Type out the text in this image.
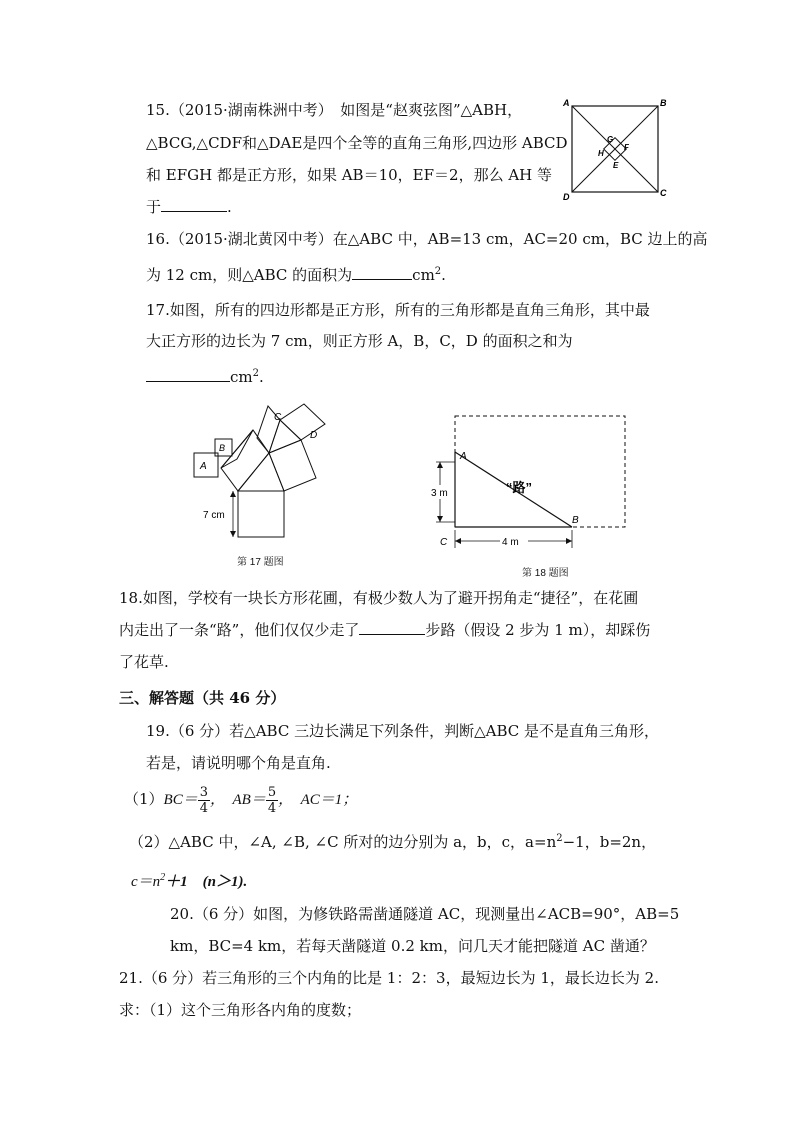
15.（2015·湖南株洲中考）　如图是“赵爽弦图”△ABH，
△BCG,△CDF和△DAE是四个全等的直角三角形,四边形 ABCD
和 EFGH 都是正方形，如果 AB＝10，EF＝2，那么 AH 等
于	.
A	B
C
D
G
F
H
E
16.（2015·湖北黄冈中考）在△ABC 中，AB=13 cm，AC=20 cm，BC 边上的高
为 12 cm，则△ABC 的面积为	$cm^2$.
17.如图，所有的四边形都是正方形，所有的三角形都是直角三角形，其中最
大正方形的边长为 7 cm，则正方形 A，B，C，D 的面积之和为
$cm^2$.
7 cm
A
B
C
D
第 17 题图
3 m
4 m
A
B
C
“路”
第 18 题图
18.如图，学校有一块长方形花圃，有极少数人为了避开拐角走“捷径”，在花圃
内走出了一条“路”，他们仅仅少走了	步路（假设 2 步为 1 m），却踩伤
了花草.
三、解答题（共 46 分）
19.（6 分）若△ABC 三边长满足下列条件，判断△ABC 是不是直角三角形，
若是，请说明哪个角是直角.
$(1)BC= \frac{3}{4}$ ，　$AB= \frac{5}{4}$ ，　AC＝1；
（2）△ABC 中，∠A, ∠B, ∠C 所对的边分别为 a，b，c，$a=n^2-1$，b=2n，
$c=n^2+1$　(n＞1).
20.（6 分）如图，为修铁路需凿通隧道 AC，现测量出∠ACB=90°，AB=5
km，BC=4 km，若每天凿隧道 0.2 km，问几天才能把隧道 AC 凿通？
21.（6 分）若三角形的三个内角的比是 1：2：3，最短边长为 1，最长边长为 2.
求：（1）这个三角形各内角的度数；
